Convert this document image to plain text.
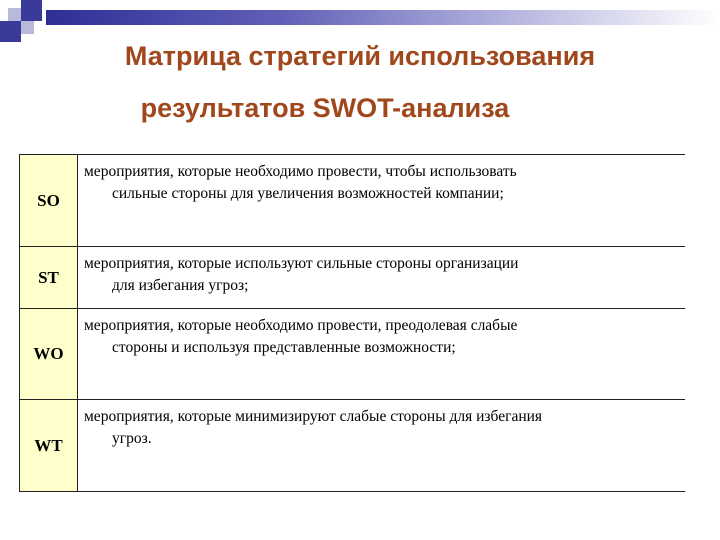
Матрица стратегий использования
результатов SWOT-анализа
SO	мероприятия, которые необходимо провести, чтобы использовать
сильные стороны для увеличения возможностей компании;

ST	мероприятия, которые используют сильные стороны организации
для избегания угроз;

WO	мероприятия, которые необходимо провести, преодолевая слабые
стороны и используя представленные возможности;

WT	мероприятия, которые минимизируют слабые стороны для избегания
угроз.
